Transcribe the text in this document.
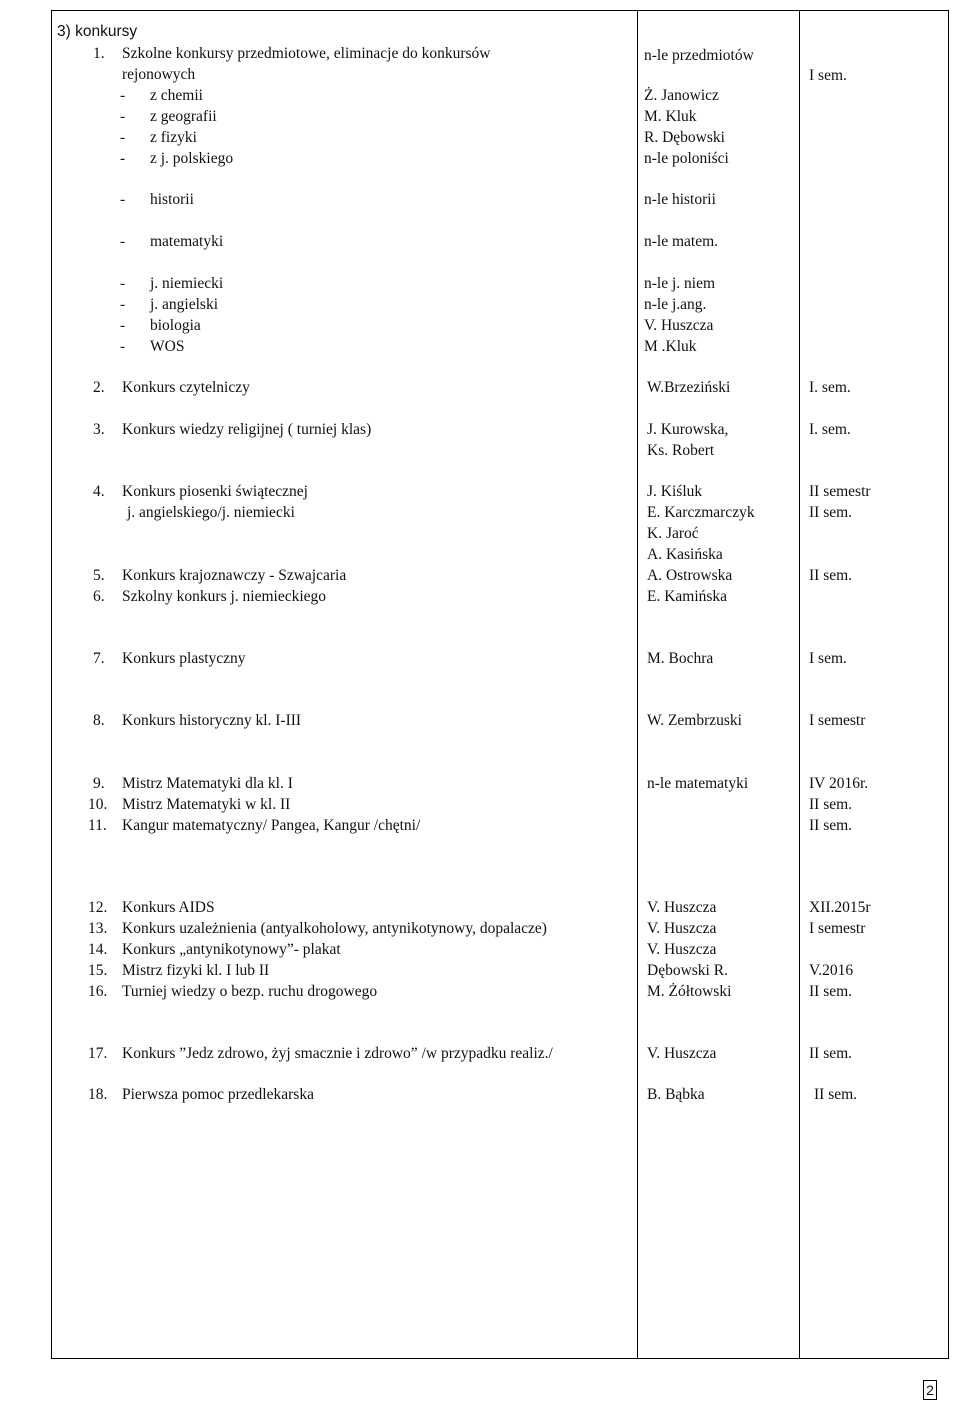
3) konkursy
1. Szkolne konkursy przedmiotowe, eliminacje do konkursów
rejonowych
- z chemii
- z geografii
- z fizyki
- z j. polskiego
- historii
- matematyki
- j. niemiecki
- j. angielski
- biologia
- WOS
2. Konkurs czytelniczy
3. Konkurs wiedzy religijnej ( turniej klas)
4. Konkurs piosenki świątecznej
j. angielskiego/j. niemiecki
5. Konkurs krajoznawczy - Szwajcaria
6. Szkolny konkurs j. niemieckiego
7. Konkurs plastyczny
8. Konkurs historyczny kl. I-III
9. Mistrz Matematyki dla kl. I
10. Mistrz Matematyki w kl. II
11. Kangur matematyczny/ Pangea, Kangur /chętni/
12. Konkurs AIDS
13. Konkurs uzależnienia (antyalkoholowy, antynikotynowy, dopalacze)
14. Konkurs „antynikotynowy”- plakat
15. Mistrz fizyki kl. I lub II
16. Turniej wiedzy o bezp. ruchu drogowego
17. Konkurs ”Jedz zdrowo, żyj smacznie i zdrowo” /w przypadku realiz./
18. Pierwsza pomoc przedlekarska
n-le przedmiotów
Ż. Janowicz
M. Kluk
R. Dębowski
n-le poloniści
n-le historii
n-le matem.
n-le j. niem
n-le j.ang.
V. Huszcza
M .Kluk
W.Brzeziński
J. Kurowska,
Ks. Robert
J. Kiśluk
E. Karczmarczyk
K. Jaroć
A. Kasińska
A. Ostrowska
E. Kamińska
M. Bochra
W. Zembrzuski
n-le matematyki
V. Huszcza
V. Huszcza
V. Huszcza
Dębowski R.
M. Żółtowski
V. Huszcza
B. Bąbka
I sem.
I. sem.
I. sem.
II semestr
II sem.
II sem.
I sem.
I semestr
IV 2016r.
II sem.
II sem.
XII.2015r
I semestr
V.2016
II sem.
II sem.
II sem.
2
